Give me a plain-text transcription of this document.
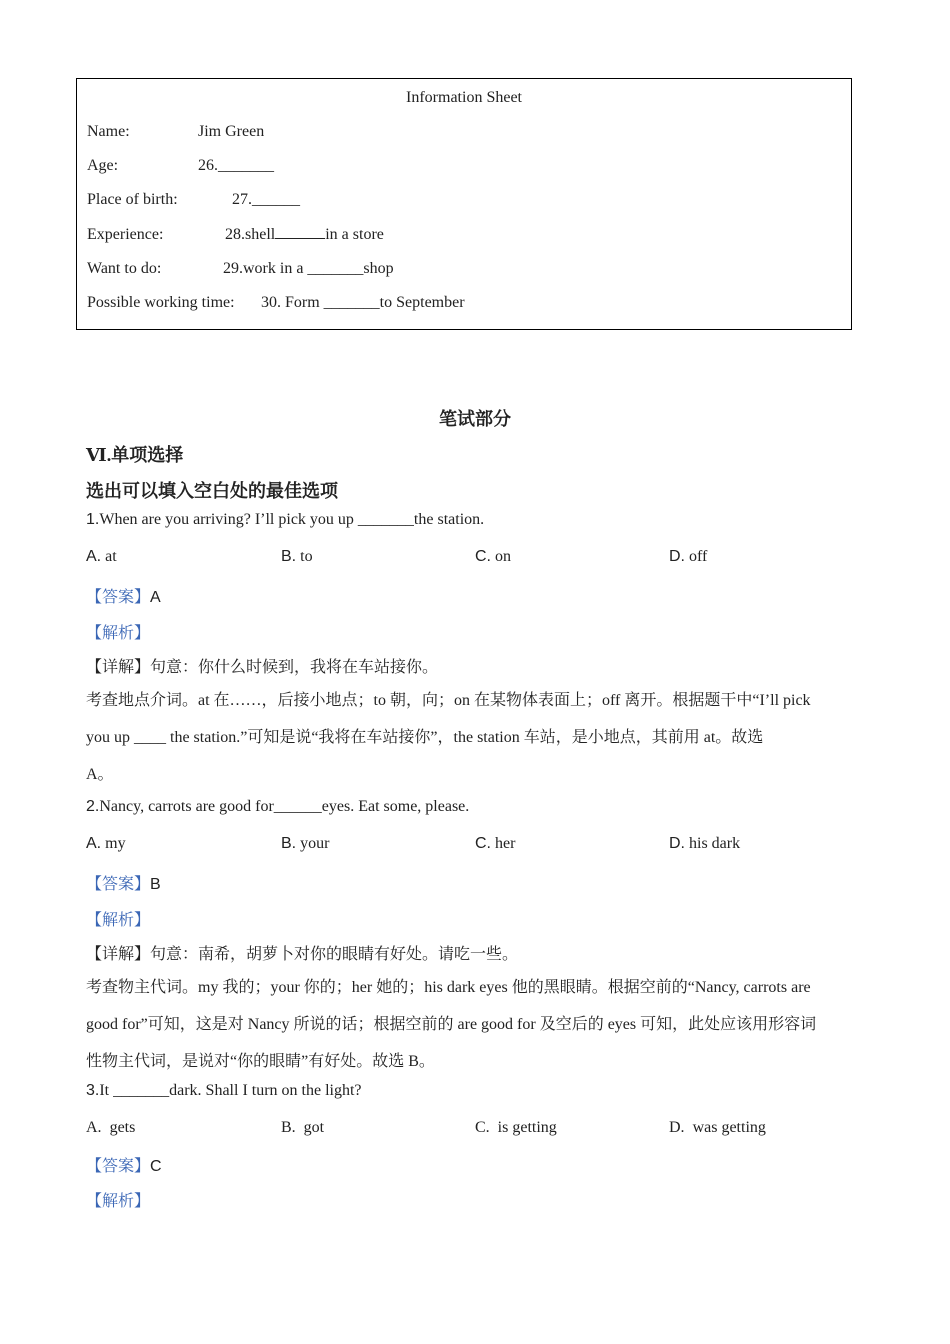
Information Sheet
Name:	Jim Green
Age:	26._______
Place of birth:	27.______
Experience:	28.shell	in a store
Want to do:	29.work in a _______shop
Possible working time: 30. Form _______to September
笔试部分
Ⅵ.单项选择
选出可以填入空白处的最佳选项
1.When are you arriving? I’ll pick you up _______the station.
A. at	B. to	C. on	D. off
【答案】A
【解析】
【详解】句意：你什么时候到，我将在车站接你。
考查地点介词。at 在……，后接小地点；to 朝，向；on 在某物体表面上；off 离开。根据题干中“I’ll pick
you up ____ the station.”可知是说“我将在车站接你”，the station 车站，是小地点，其前用 at。故选
A。
2.Nancy, carrots are good for______eyes. Eat some, please.
A. my	B. your	C. her	D. his dark
【答案】B
【解析】
【详解】句意：南希，胡萝卜对你的眼睛有好处。请吃一些。
考查物主代词。my 我的；your 你的；her 她的；his dark eyes 他的黑眼睛。根据空前的“Nancy, carrots are
good for”可知，这是对 Nancy 所说的话；根据空前的 are good for 及空后的 eyes 可知，此处应该用形容词
性物主代词，是说对“你的眼睛”有好处。故选 B。
3.It _______dark. Shall I turn on the light?
A.  gets	B.  got	C.  is getting	D.  was getting
【答案】C
【解析】
